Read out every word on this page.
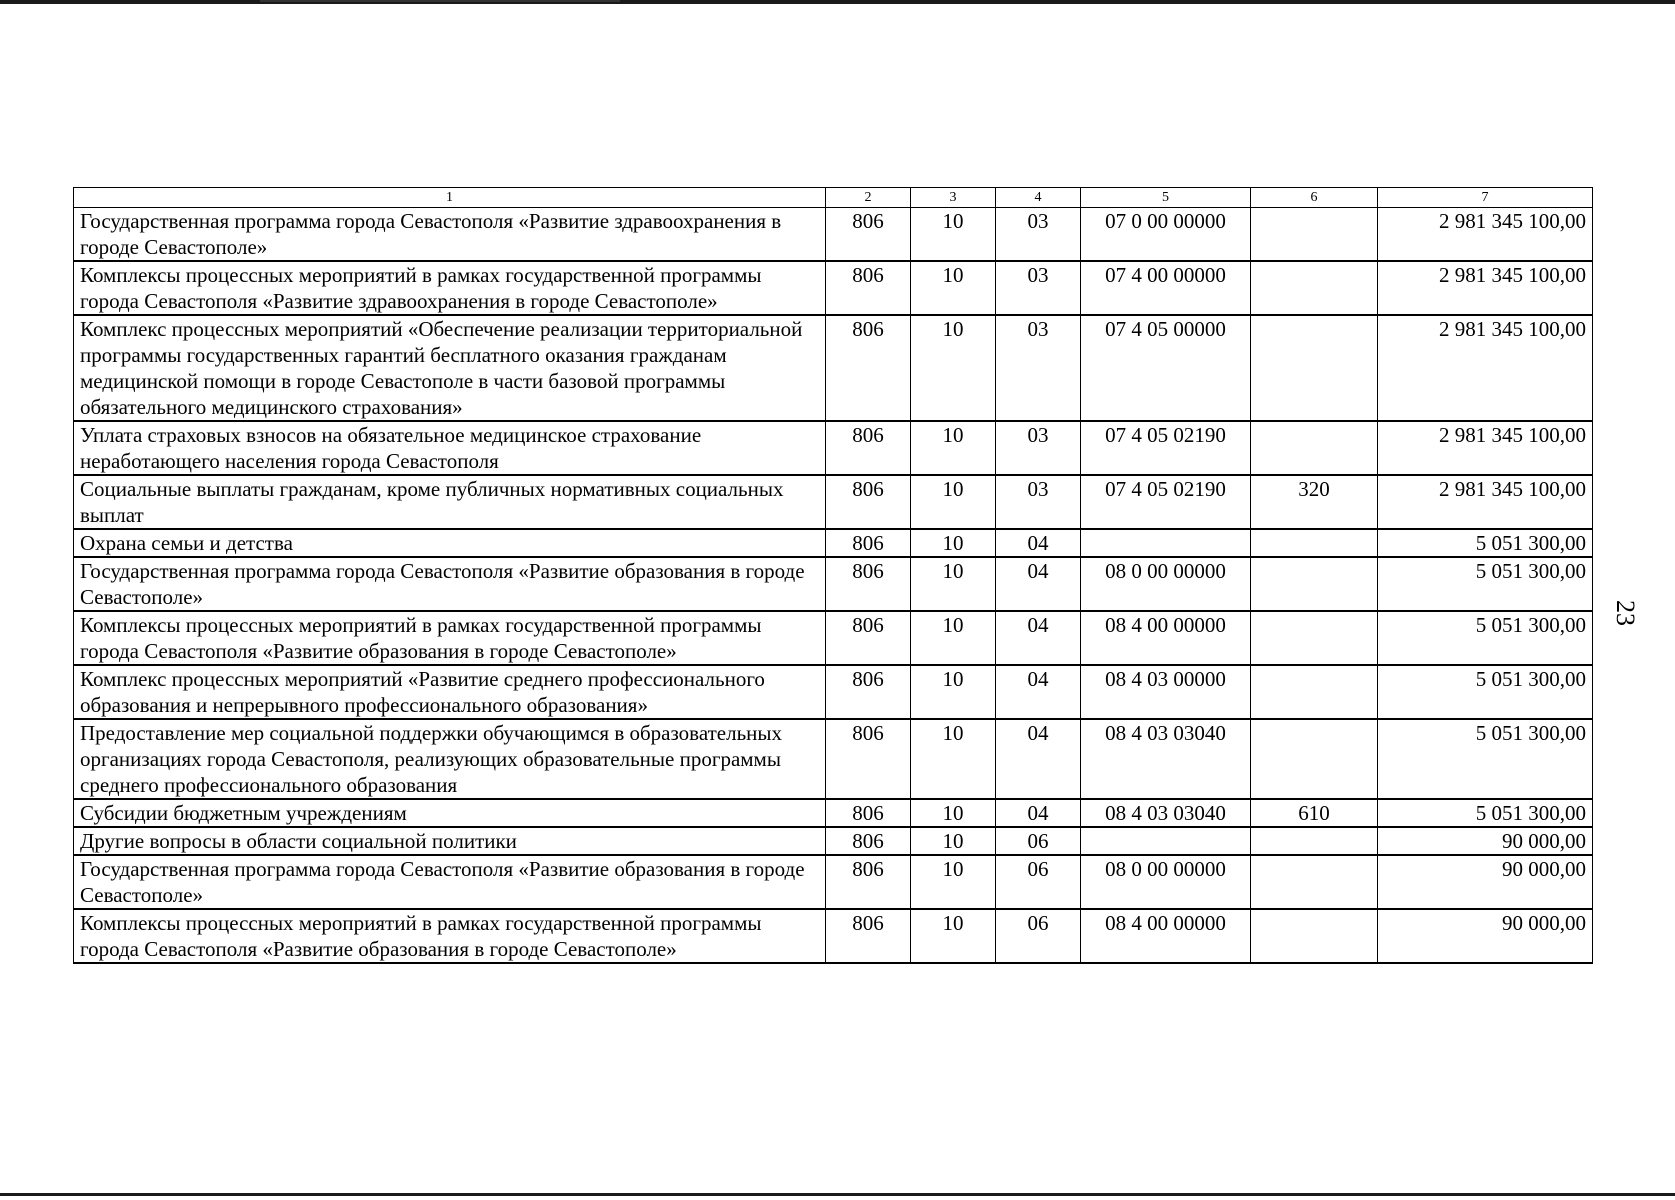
1	2	3	4	5	6	7
Государственная программа города Севастополя «Развитие здравоохранения в городе Севастополе»	806	10	03	07 0 00 00000		2 981 345 100,00
Комплексы процессных мероприятий в рамках государственной программы города Севастополя «Развитие здравоохранения в городе Севастополе»	806	10	03	07 4 00 00000		2 981 345 100,00
Комплекс процессных мероприятий «Обеспечение реализации территориальной программы государственных гарантий бесплатного оказания гражданам медицинской помощи в городе Севастополе в части базовой программы обязательного медицинского страхования»	806	10	03	07 4 05 00000		2 981 345 100,00
Уплата страховых взносов на обязательное медицинское страхование неработающего населения города Севастополя	806	10	03	07 4 05 02190		2 981 345 100,00
Социальные выплаты гражданам, кроме публичных нормативных социальных выплат	806	10	03	07 4 05 02190	320	2 981 345 100,00
Охрана семьи и детства	806	10	04			5 051 300,00
Государственная программа города Севастополя «Развитие образования в городе Севастополе»	806	10	04	08 0 00 00000		5 051 300,00
Комплексы процессных мероприятий в рамках государственной программы города Севастополя «Развитие образования в городе Севастополе»	806	10	04	08 4 00 00000		5 051 300,00
Комплекс процессных мероприятий «Развитие среднего профессионального образования и непрерывного профессионального образования»	806	10	04	08 4 03 00000		5 051 300,00
Предоставление мер социальной поддержки обучающимся в образовательных организациях города Севастополя, реализующих образовательные программы среднего профессионального образования	806	10	04	08 4 03 03040		5 051 300,00
Субсидии бюджетным учреждениям	806	10	04	08 4 03 03040	610	5 051 300,00
Другие вопросы в области социальной политики	806	10	06			90 000,00
Государственная программа города Севастополя «Развитие образования в городе Севастополе»	806	10	06	08 0 00 00000		90 000,00
Комплексы процессных мероприятий в рамках государственной программы города Севастополя «Развитие образования в городе Севастополе»	806	10	06	08 4 00 00000		90 000,00
23
